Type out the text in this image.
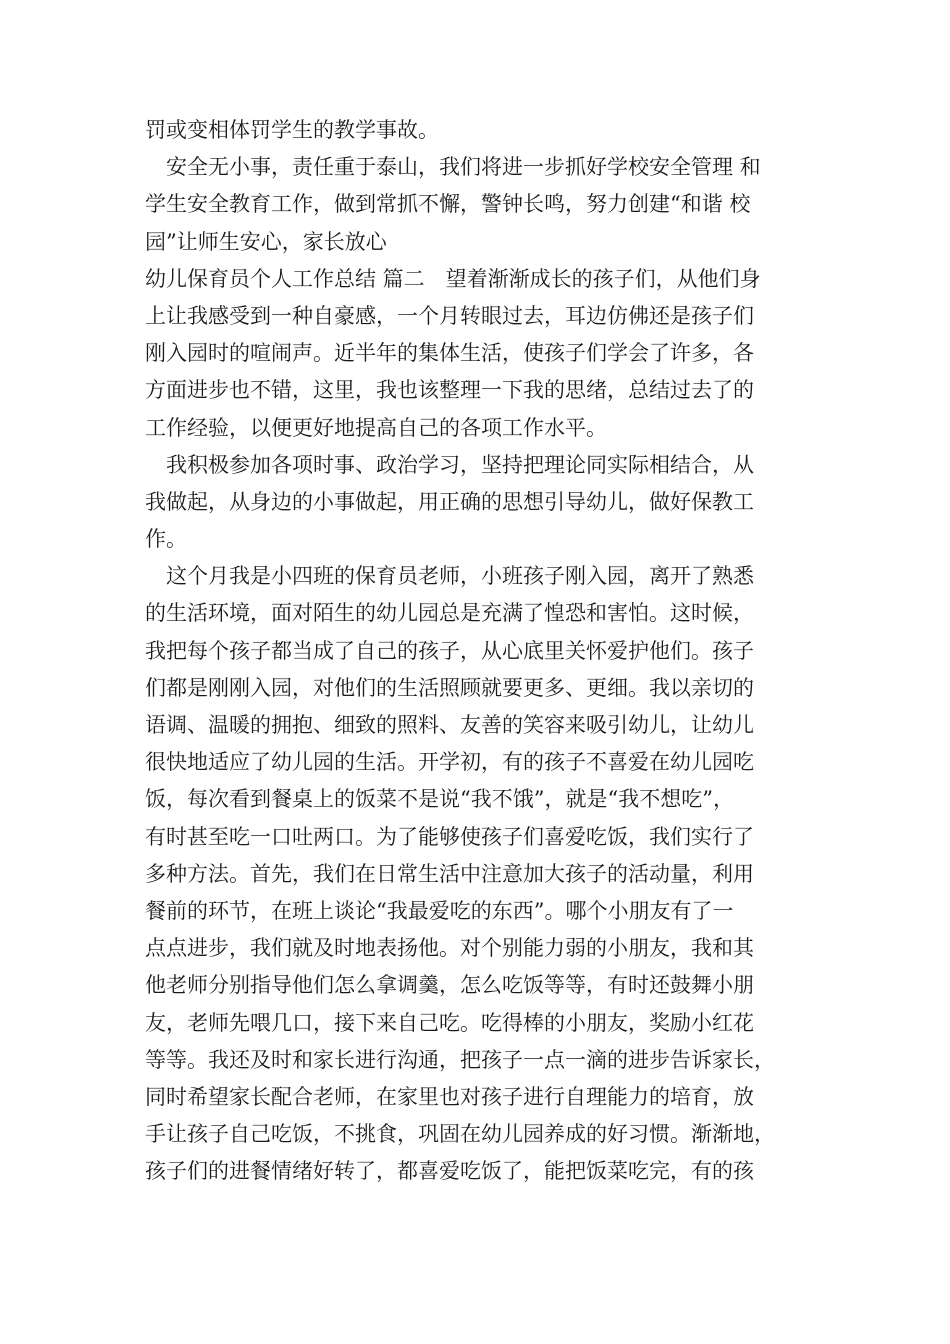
罚或变相体罚学生的教学事故。
　安全无小事，责任重于泰山，我们将进一步抓好学校安全管理 和
学生安全教育工作，做到常抓不懈，警钟长鸣，努力创建“和谐 校
园”让师生安心，家长放心
幼儿保育员个人工作总结 篇二　望着渐渐成长的孩子们，从他们身
上让我感受到一种自豪感，一个月转眼过去，耳边仿佛还是孩子们
刚入园时的喧闹声。近半年的集体生活，使孩子们学会了许多，各
方面进步也不错，这里，我也该整理一下我的思绪，总结过去了的
工作经验，以便更好地提高自己的各项工作水平。
　我积极参加各项时事、政治学习，坚持把理论同实际相结合，从
我做起，从身边的小事做起，用正确的思想引导幼儿，做好保教工
作。
　这个月我是小四班的保育员老师，小班孩子刚入园，离开了熟悉
的生活环境，面对陌生的幼儿园总是充满了惶恐和害怕。这时候，
我把每个孩子都当成了自己的孩子，从心底里关怀爱护他们。孩子
们都是刚刚入园，对他们的生活照顾就要更多、更细。我以亲切的
语调、温暖的拥抱、细致的照料、友善的笑容来吸引幼儿，让幼儿
很快地适应了幼儿园的生活。开学初，有的孩子不喜爱在幼儿园吃
饭，每次看到餐桌上的饭菜不是说“我不饿”，就是“我不想吃”，
有时甚至吃一口吐两口。为了能够使孩子们喜爱吃饭，我们实行了
多种方法。首先，我们在日常生活中注意加大孩子的活动量，利用
餐前的环节，在班上谈论“我最爱吃的东西”。哪个小朋友有了一
点点进步，我们就及时地表扬他。对个别能力弱的小朋友，我和其
他老师分别指导他们怎么拿调羹，怎么吃饭等等，有时还鼓舞小朋
友，老师先喂几口，接下来自己吃。吃得棒的小朋友，奖励小红花
等等。我还及时和家长进行沟通，把孩子一点一滴的进步告诉家长，
同时希望家长配合老师，在家里也对孩子进行自理能力的培育，放
手让孩子自己吃饭，不挑食，巩固在幼儿园养成的好习惯。渐渐地，
孩子们的进餐情绪好转了，都喜爱吃饭了，能把饭菜吃完，有的孩
